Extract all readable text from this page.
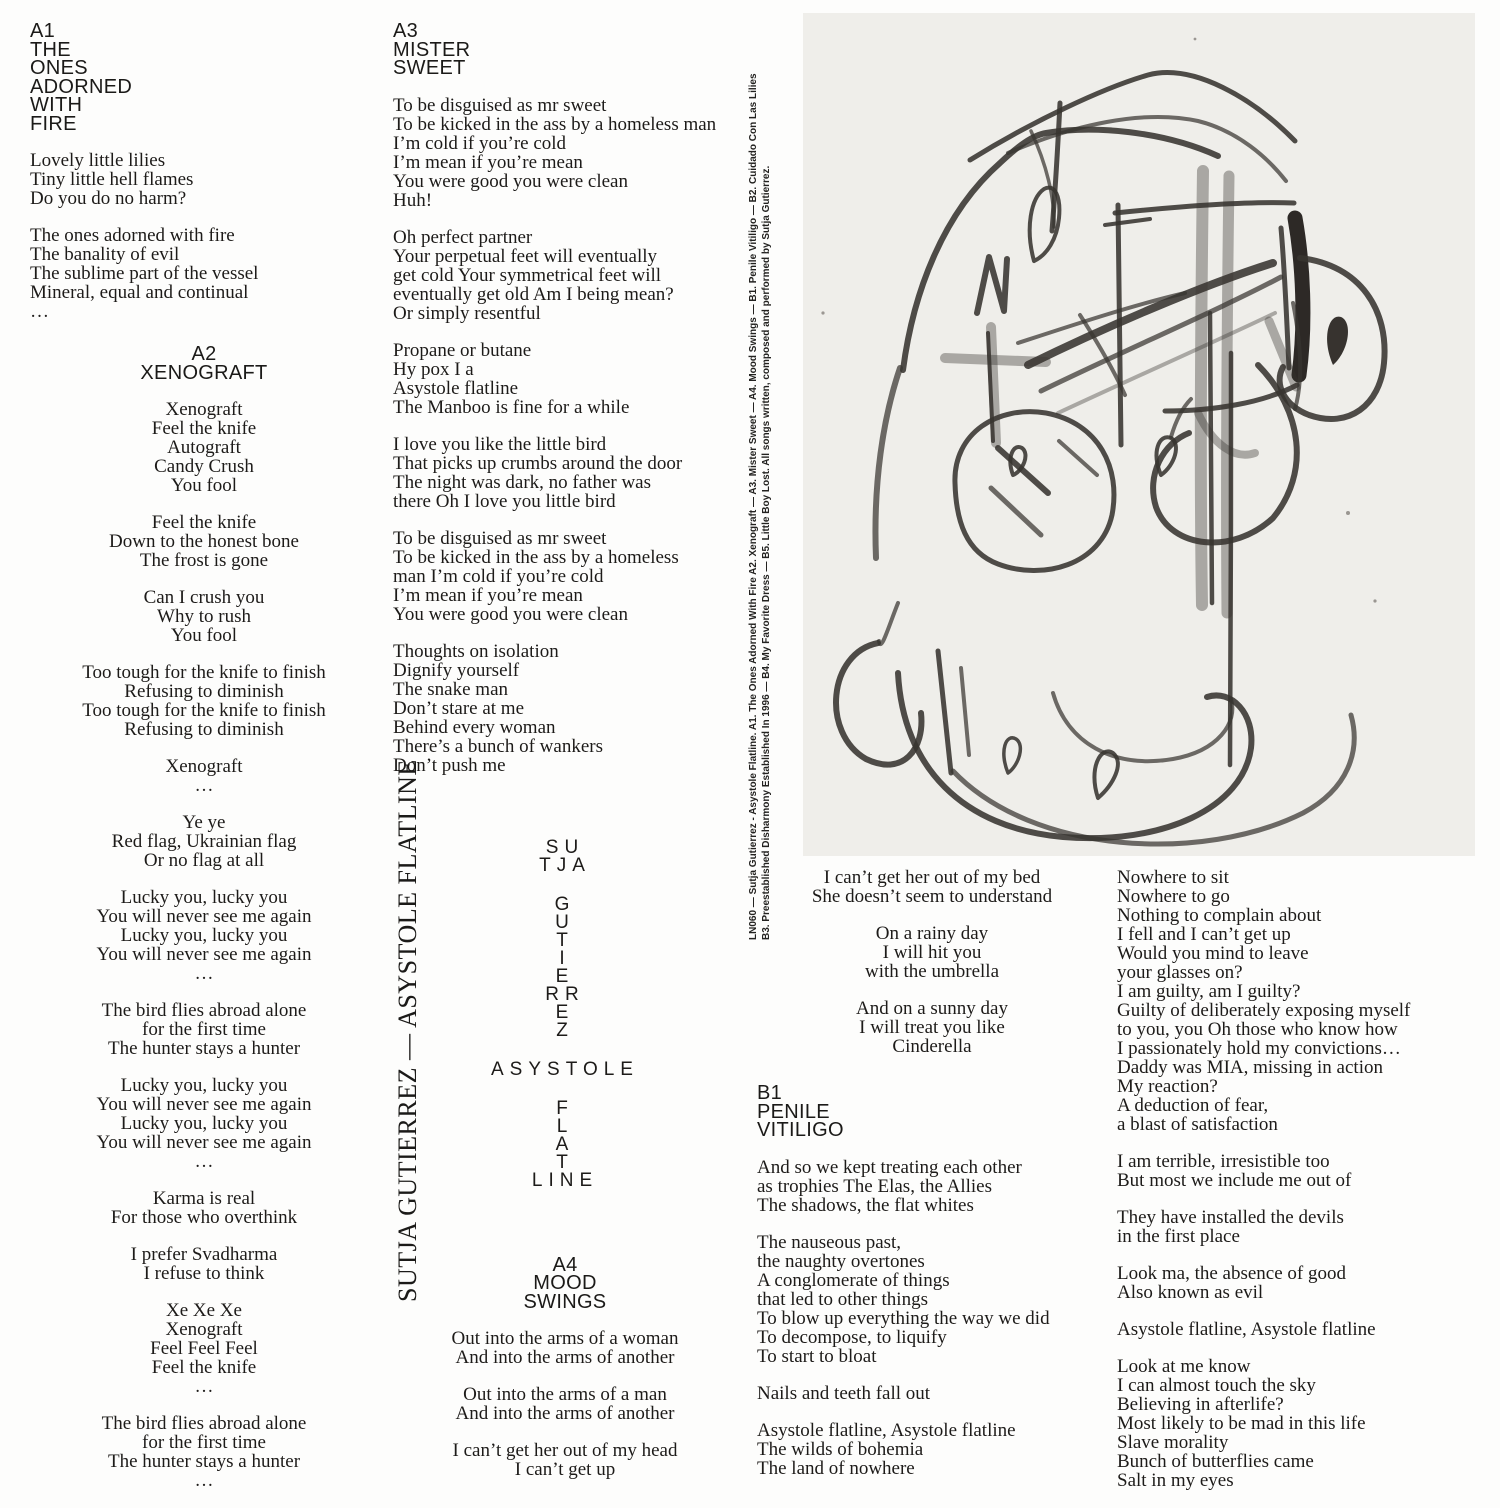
A1
THE
ONES
ADORNED
WITH
FIRE
Lovely little lilies
Tiny little hell flames
Do you do no harm?
The ones adorned with fire
The banality of evil
The sublime part of the vessel
Mineral, equal and continual
…
A2
XENOGRAFT
Xenograft
Feel the knife
Autograft
Candy Crush
You fool
Feel the knife
Down to the honest bone
The frost is gone
Can I crush you
Why to rush
You fool
Too tough for the knife to finish
Refusing to diminish
Too tough for the knife to finish
Refusing to diminish
Xenograft
…
Ye ye
Red flag, Ukrainian flag
Or no flag at all
Lucky you, lucky you
You will never see me again
Lucky you, lucky you
You will never see me again
…
The bird flies abroad alone
for the first time
The hunter stays a hunter
Lucky you, lucky you
You will never see me again
Lucky you, lucky you
You will never see me again
…
Karma is real
For those who overthink
I prefer Svadharma
I refuse to think
Xe Xe Xe
Xenograft
Feel Feel Feel
Feel the knife
…
The bird flies abroad alone
for the first time
The hunter stays a hunter
…
A3
MISTER
SWEET
To be disguised as mr sweet
To be kicked in the ass by a homeless man
I’m cold if you’re cold
I’m mean if you’re mean
You were good you were clean
Huh!
Oh perfect partner
Your perpetual feet will eventually
get cold Your symmetrical feet will
eventually get old Am I being mean?
Or simply resentful
Propane or butane
Hy pox I a
Asystole flatline
The Manboo is fine for a while
I love you like the little bird
That picks up crumbs around the door
The night was dark, no father was
there Oh I love you little bird
To be disguised as mr sweet
To be kicked in the ass by a homeless
man I’m cold if you’re cold
I’m mean if you’re mean
You were good you were clean
Thoughts on isolation
Dignify yourself
The snake man
Don’t stare at me
Behind every woman
There’s a bunch of wankers
Don’t push me
SU
TJA
G
U
T
I
E
RR
E
Z
ASYSTOLE
F
L
A
T
LINE
A4
MOOD
SWINGS
Out into the arms of a woman
And into the arms of another
Out into the arms of a man
And into the arms of another
I can’t get her out of my head
I can’t get up
I can’t get her out of my bed
She doesn’t seem to understand
On a rainy day
I will hit you
with the umbrella
And on a sunny day
I will treat you like
Cinderella
B1
PENILE
VITILIGO
And so we kept treating each other
as trophies The Elas, the Allies
The shadows, the flat whites
The nauseous past,
the naughty overtones
A conglomerate of things
that led to other things
To blow up everything the way we did
To decompose, to liquify
To start to bloat
Nails and teeth fall out
Asystole flatline, Asystole flatline
The wilds of bohemia
The land of nowhere
Nowhere to sit
Nowhere to go
Nothing to complain about
I fell and I can’t get up
Would you mind to leave
your glasses on?
I am guilty, am I guilty?
Guilty of deliberately exposing myself
to you, you Oh those who know how
I passionately hold my convictions…
Daddy was MIA, missing in action
My reaction?
A deduction of fear,
a blast of satisfaction
I am terrible, irresistible too
But most we include me out of
They have installed the devils
in the first place
Look ma, the absence of good
Also known as evil
Asystole flatline, Asystole flatline
Look at me know
I can almost touch the sky
Believing in afterlife?
Most likely to be mad in this life
Slave morality
Bunch of butterflies came
Salt in my eyes
LN060 — Sutja Gutierrez - Asystole Flatline. A1. The Ones Adorned With Fire A2. Xenograft — A3. Mister Sweet — A4. Mood Swings — B1. Penile Vitiligo — B2. Cuidado Con Las Lilies B3. Preestablished Disharmony Established In 1996 — B4. My Favorite Dress — B5. Little Boy Lost. All songs written, composed and performed by Sutja Gutierrez.
SUTJA GUTIERREZ — ASYSTOLE FLATLINE
